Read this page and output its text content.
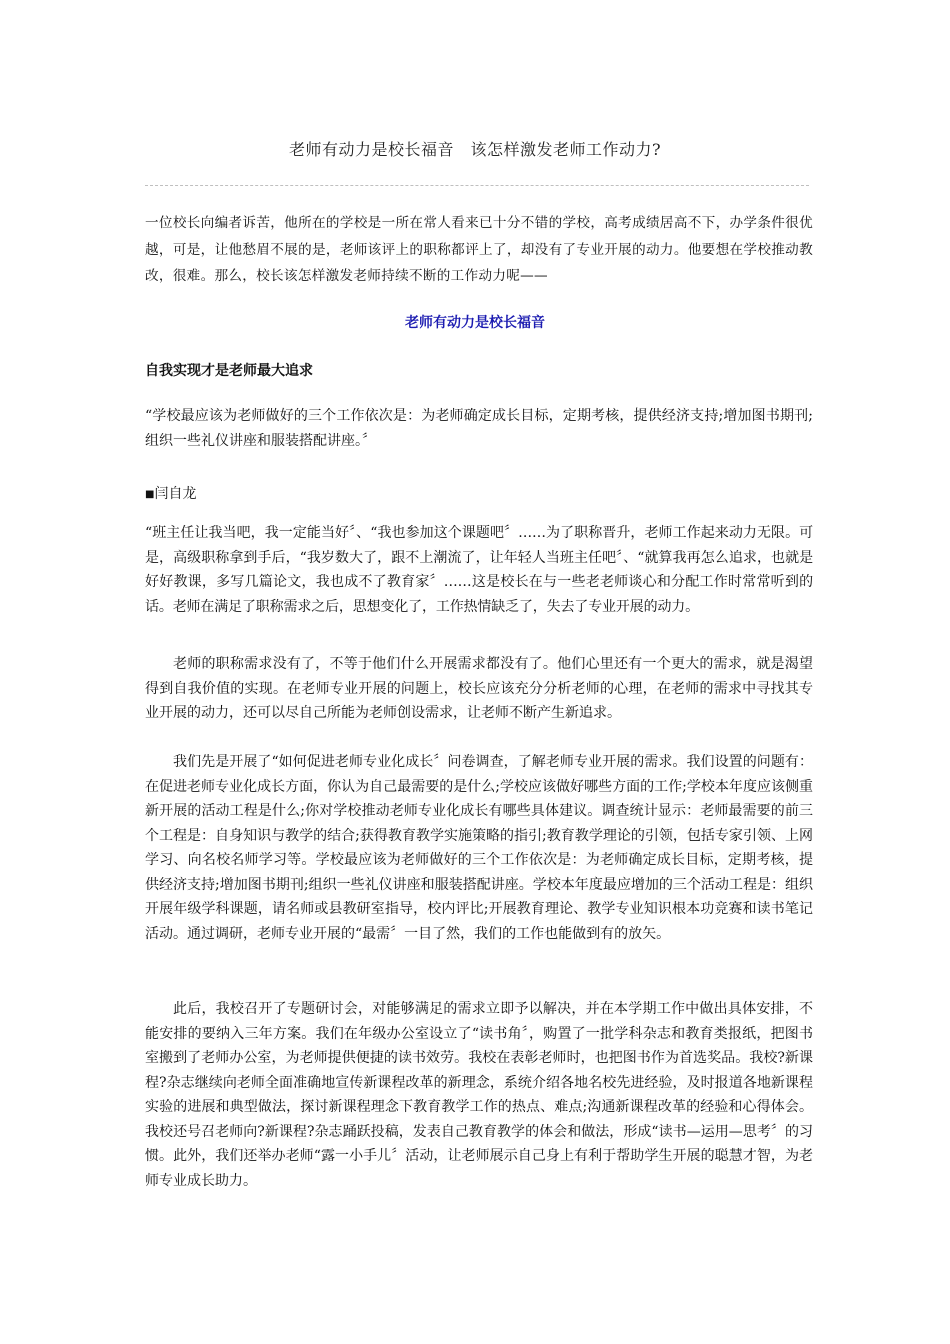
老师有动力是校长福音　该怎样激发老师工作动力?

一位校长向编者诉苦，他所在的学校是一所在常人看来已十分不错的学校，高考成绩居高不下，办学条件很优越，可是，让他愁眉不展的是，老师该评上的职称都评上了，却没有了专业开展的动力。他要想在学校推动教改，很难。那么，校长该怎样激发老师持续不断的工作动力呢——

老师有动力是校长福音
自我实现才是老师最大追求

“学校最应该为老师做好的三个工作依次是：为老师确定成长目标，定期考核，提供经济支持;增加图书期刊;组织一些礼仪讲座和服装搭配讲座。〞

■闫自龙

“班主任让我当吧，我一定能当好〞、“我也参加这个课题吧〞……为了职称晋升，老师工作起来动力无限。可是，高级职称拿到手后，“我岁数大了，跟不上潮流了，让年轻人当班主任吧〞、“就算我再怎么追求，也就是好好教课，多写几篇论文，我也成不了教育家〞……这是校长在与一些老老师谈心和分配工作时常常听到的话。老师在满足了职称需求之后，思想变化了，工作热情缺乏了，失去了专业开展的动力。

老师的职称需求没有了，不等于他们什么开展需求都没有了。他们心里还有一个更大的需求，就是渴望得到自我价值的实现。在老师专业开展的问题上，校长应该充分分析老师的心理，在老师的需求中寻找其专业开展的动力，还可以尽自己所能为老师创设需求，让老师不断产生新追求。

我们先是开展了“如何促进老师专业化成长〞问卷调查，了解老师专业开展的需求。我们设置的问题有：在促进老师专业化成长方面，你认为自己最需要的是什么;学校应该做好哪些方面的工作;学校本年度应该侧重新开展的活动工程是什么;你对学校推动老师专业化成长有哪些具体建议。调查统计显示：老师最需要的前三个工程是：自身知识与教学的结合;获得教育教学实施策略的指引;教育教学理论的引领，包括专家引领、上网学习、向名校名师学习等。学校最应该为老师做好的三个工作依次是：为老师确定成长目标，定期考核，提供经济支持;增加图书期刊;组织一些礼仪讲座和服装搭配讲座。学校本年度最应增加的三个活动工程是：组织开展年级学科课题，请名师或县教研室指导，校内评比;开展教育理论、教学专业知识根本功竞赛和读书笔记活动。通过调研，老师专业开展的“最需〞一目了然，我们的工作也能做到有的放矢。

此后，我校召开了专题研讨会，对能够满足的需求立即予以解决，并在本学期工作中做出具体安排，不能安排的要纳入三年方案。我们在年级办公室设立了“读书角〞，购置了一批学科杂志和教育类报纸，把图书室搬到了老师办公室，为老师提供便捷的读书效劳。我校在表彰老师时，也把图书作为首选奖品。我校?新课程?杂志继续向老师全面准确地宣传新课程改革的新理念，系统介绍各地名校先进经验，及时报道各地新课程实验的进展和典型做法，探讨新课程理念下教育教学工作的热点、难点;沟通新课程改革的经验和心得体会。我校还号召老师向?新课程?杂志踊跃投稿，发表自己教育教学的体会和做法，形成“读书—运用—思考〞的习惯。此外，我们还举办老师“露一小手儿〞活动，让老师展示自己身上有利于帮助学生开展的聪慧才智，为老师专业成长助力。
